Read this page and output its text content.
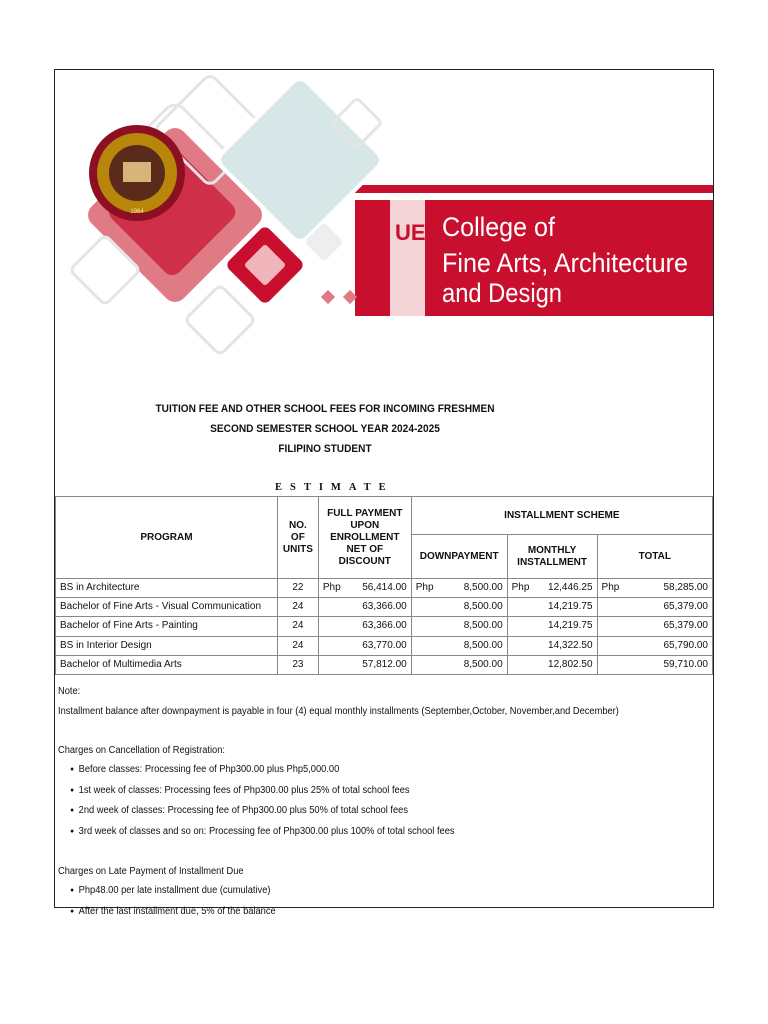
1964
UE College of
Fine Arts, Architecture
and Design
TUITION FEE AND OTHER SCHOOL FEES FOR INCOMING FRESHMEN
SECOND SEMESTER SCHOOL YEAR 2024-2025
FILIPINO STUDENT
ESTIMATE
PROGRAM	NO. OF UNITS	FULL PAYMENT UPON ENROLLMENT NET OF DISCOUNT	INSTALLMENT SCHEME		
			DOWNPAYMENT	MONTHLY INSTALLMENT	TOTAL
BS in Architecture	22	Php 56,414.00	Php 8,500.00	Php 12,446.25	Php 58,285.00
Bachelor of Fine Arts - Visual Communication	24	63,366.00	8,500.00	14,219.75	65,379.00
Bachelor of Fine Arts - Painting	24	63,366.00	8,500.00	14,219.75	65,379.00
BS in Interior Design	24	63,770.00	8,500.00	14,322.50	65,790.00
Bachelor of Multimedia Arts	23	57,812.00	8,500.00	12,802.50	59,710.00
Note:
Installment balance after downpayment is payable in four (4) equal monthly installments (September,October, November,and December)
Charges on Cancellation of Registration:
● Before classes: Processing fee of Php300.00 plus Php5,000.00
● 1st week of classes: Processing fees of Php300.00 plus 25% of total school fees
● 2nd week of classes: Processing fee of Php300.00 plus 50% of total school fees
● 3rd week of classes and so on: Processing fee of Php300.00 plus 100% of total school fees
Charges on Late Payment of Installment Due
● Php48.00 per late installment due (cumulative)
● After the last installment due, 5% of the balance
